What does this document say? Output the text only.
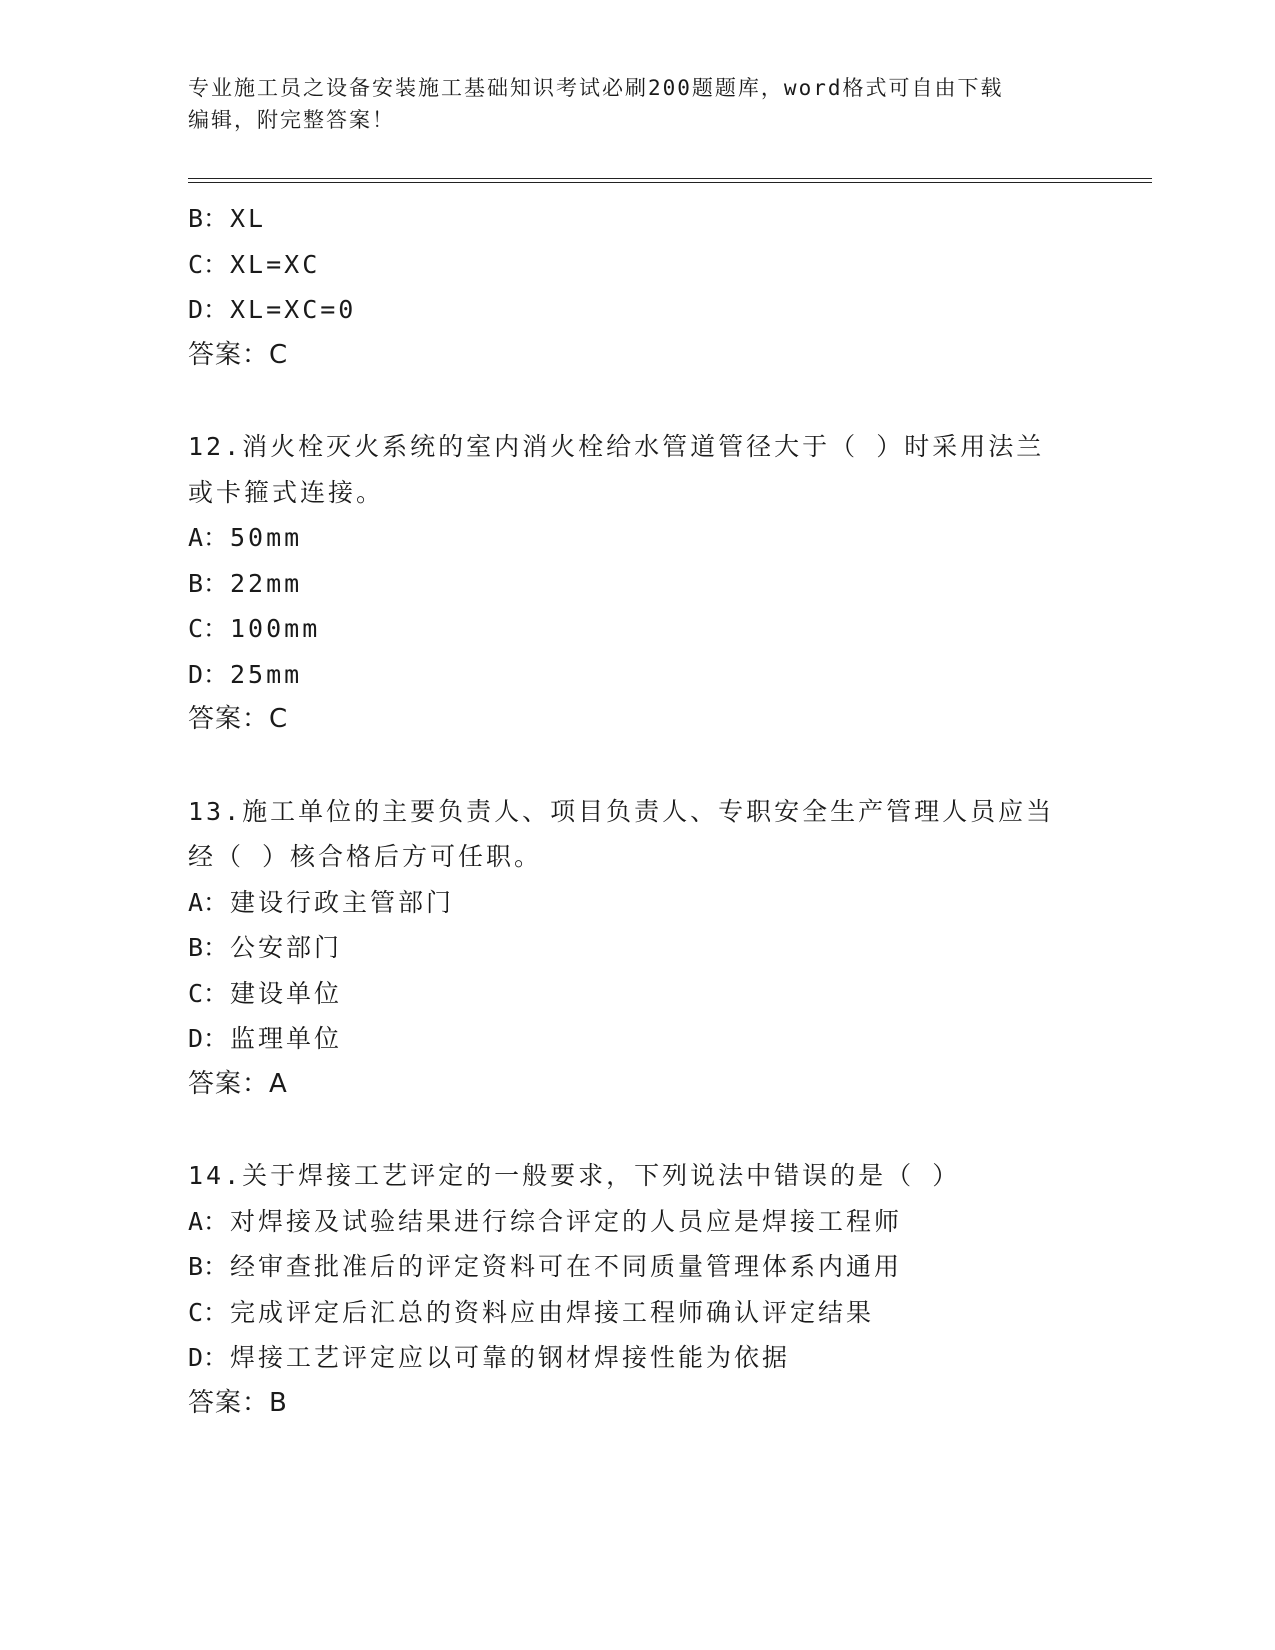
专业施工员之设备安装施工基础知识考试必刷200题题库，word格式可自由下载
编辑，附完整答案！
B：XL
C：XL=XC
D：XL=XC=0
答案：C
12.消火栓灭火系统的室内消火栓给水管道管径大于（ ）时采用法兰
或卡箍式连接。
A：50mm
B：22mm
C：100mm
D：25mm
答案：C
13.施工单位的主要负责人、项目负责人、专职安全生产管理人员应当
经（ ）核合格后方可任职。
A：建设行政主管部门
B：公安部门
C：建设单位
D：监理单位
答案：A
14.关于焊接工艺评定的一般要求，下列说法中错误的是（ ）
A：对焊接及试验结果进行综合评定的人员应是焊接工程师
B：经审查批准后的评定资料可在不同质量管理体系内通用
C：完成评定后汇总的资料应由焊接工程师确认评定结果
D：焊接工艺评定应以可靠的钢材焊接性能为依据
答案：B
